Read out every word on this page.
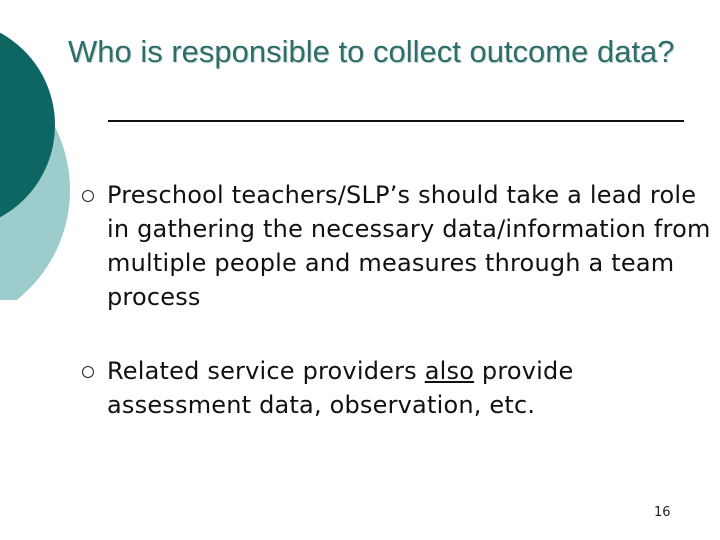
Who is responsible to collect outcome data?
Preschool teachers/SLP’s should take a lead role in gathering the necessary data/information from multiple people and measures through a team process
Related service providers also provide assessment data, observation, etc.
16
